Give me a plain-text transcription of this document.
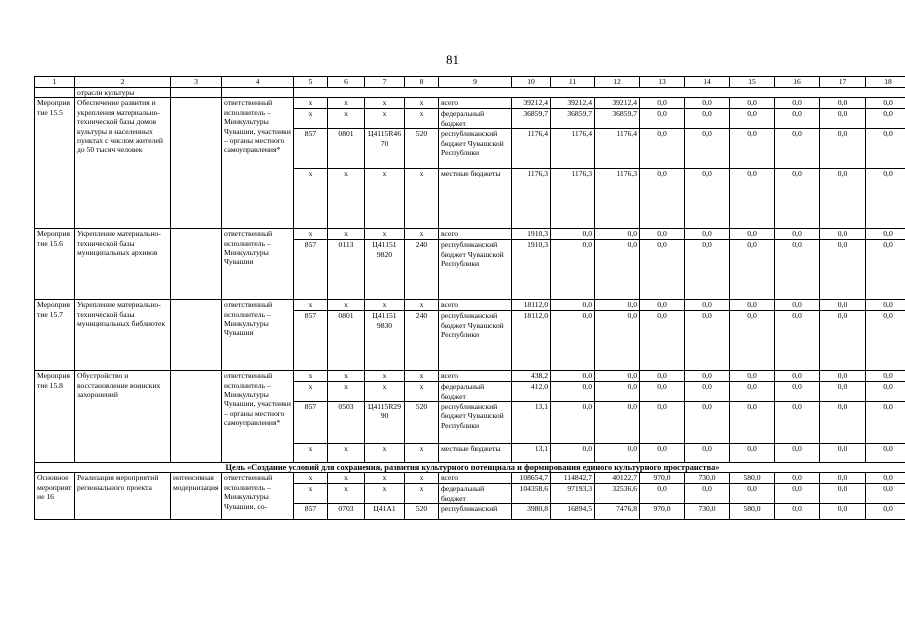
81
1	2	3	4	5	6	7	8	9	10	11	12	13	14	15	16	17	18
	отрасли культуры																
Мероприятие 15.5	Обеспечение развития и укрепления материально-технической базы домов культуры в населенных пунктах с числом жителей до 50 тысяч человек		ответственный исполнитель – Минкультуры Чувашии, участники – органы местного самоуправления*	x	x	x	x	всего	39212,4	39212,4	39212,4	0,0	0,0	0,0	0,0	0,0	0,0
				x	x	x	x	федеральный бюджет	36859,7	36859,7	36859,7	0,0	0,0	0,0	0,0	0,0	0,0
				857	0801	Ц4115R4670	520	республиканский бюджет Чувашской Республики	1176,4	1176,4	1176,4	0,0	0,0	0,0	0,0	0,0	0,0
				x	x	x	x	местные бюджеты	1176,3	1176,3	1176,3	0,0	0,0	0,0	0,0	0,0	0,0
Мероприятие 15.6	Укрепление материально-технической базы муниципальных архивов		ответственный исполнитель – Минкультуры Чувашии	x	x	x	x	всего	1910,3	0,0	0,0	0,0	0,0	0,0	0,0	0,0	0,0
				857	0113	Ц41151 9820	240	республиканский бюджет Чувашской Республики	1910,3	0,0	0,0	0,0	0,0	0,0	0,0	0,0	0,0
Мероприятие 15.7	Укрепление материально-технической базы муниципальных библиотек		ответственный исполнитель – Минкультуры Чувашии	x	x	x	x	всего	18112,0	0,0	0,0	0,0	0,0	0,0	0,0	0,0	0,0
				857	0801	Ц41151 9830	240	республиканский бюджет Чувашской Республики	18112,0	0,0	0,0	0,0	0,0	0,0	0,0	0,0	0,0
Мероприятие 15.8	Обустройство и восстановление воинских захоронений		ответственный исполнитель – Минкультуры Чувашии, участники – органы местного самоуправления*	x	x	x	x	всего	438,2	0,0	0,0	0,0	0,0	0,0	0,0	0,0	0,0
				x	x	x	x	федеральный бюджет	412,0	0,0	0,0	0,0	0,0	0,0	0,0	0,0	0,0
				857	0503	Ц4115R2990	520	республиканский бюджет Чувашской Республики	13,1	0,0	0,0	0,0	0,0	0,0	0,0	0,0	0,0
				x	x	x	x	местные бюджеты	13,1	0,0	0,0	0,0	0,0	0,0	0,0	0,0	0,0
Цель «Создание условий для сохранения, развития культурного потенциала и формирования единого культурного пространства»																	
Основное мероприятие 16	Реализация мероприятий регионального проекта	интенсивная модернизация	ответственный исполнитель – Минкультуры Чувашии, со-	x	x	x	x	всего	108654,7	114842,7	40122,7	970,0	730,0	580,0	0,0	0,0	0,0
				x	x	x	x	федеральный бюджет	104358,6	97193,3	32536,6	0,0	0,0	0,0	0,0	0,0	0,0
				857	0703	Ц41А1	520	республиканский	3980,8	16894,5	7476,8	970,0	730,0	580,0	0,0	0,0	0,0
